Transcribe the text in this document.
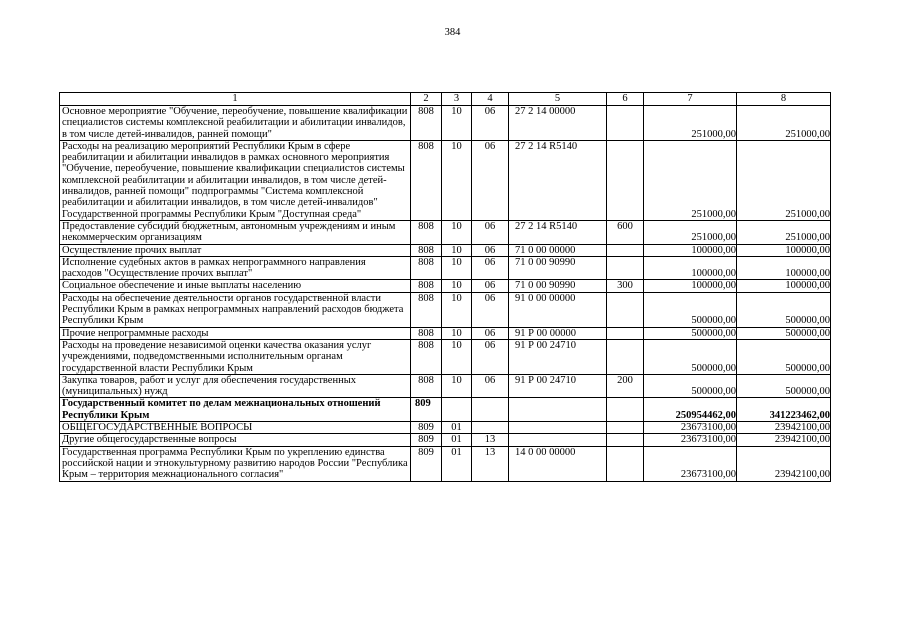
384
1	2	3	4	5	6	7	8
Основное мероприятие "Обучение, переобучение, повышение квалификации специалистов системы комплексной реабилитации и абилитации инвалидов, в том числе детей-инвалидов, ранней помощи"	808	10	06	27 2 14 00000		251000,00	251000,00
Расходы на реализацию мероприятий Республики Крым в сфере реабилитации и абилитации инвалидов в рамках основного мероприятия "Обучение, переобучение, повышение квалификации специалистов системы комплексной реабилитации и абилитации инвалидов, в том числе детей-инвалидов, ранней помощи" подпрограммы "Система комплексной реабилитации и абилитации инвалидов, в том числе детей-инвалидов" Государственной программы Республики Крым "Доступная среда"	808	10	06	27 2 14 R5140		251000,00	251000,00
Предоставление субсидий бюджетным, автономным учреждениям и иным некоммерческим организациям	808	10	06	27 2 14 R5140	600	251000,00	251000,00
Осуществление прочих выплат	808	10	06	71 0 00 00000		100000,00	100000,00
Исполнение судебных актов в рамках непрограммного направления расходов "Осуществление прочих выплат"	808	10	06	71 0 00 90990		100000,00	100000,00
Социальное обеспечение и иные выплаты населению	808	10	06	71 0 00 90990	300	100000,00	100000,00
Расходы на обеспечение деятельности органов государственной власти Республики Крым в рамках непрограммных направлений расходов бюджета Республики Крым	808	10	06	91 0 00 00000		500000,00	500000,00
Прочие непрограммные расходы	808	10	06	91 Р 00 00000		500000,00	500000,00
Расходы на проведение независимой оценки качества оказания услуг учреждениями, подведомственными исполнительным органам государственной власти Республики Крым	808	10	06	91 Р 00 24710		500000,00	500000,00
Закупка товаров, работ и услуг для обеспечения государственных (муниципальных) нужд	808	10	06	91 Р 00 24710	200	500000,00	500000,00
Государственный комитет по делам межнациональных отношений Республики Крым	809					250954462,00	341223462,00
ОБЩЕГОСУДАРСТВЕННЫЕ ВОПРОСЫ	809	01				23673100,00	23942100,00
Другие общегосударственные вопросы	809	01	13			23673100,00	23942100,00
Государственная программа Республики Крым по укреплению единства российской нации и этнокультурному развитию народов России "Республика Крым – территория межнационального согласия"	809	01	13	14 0 00 00000		23673100,00	23942100,00
